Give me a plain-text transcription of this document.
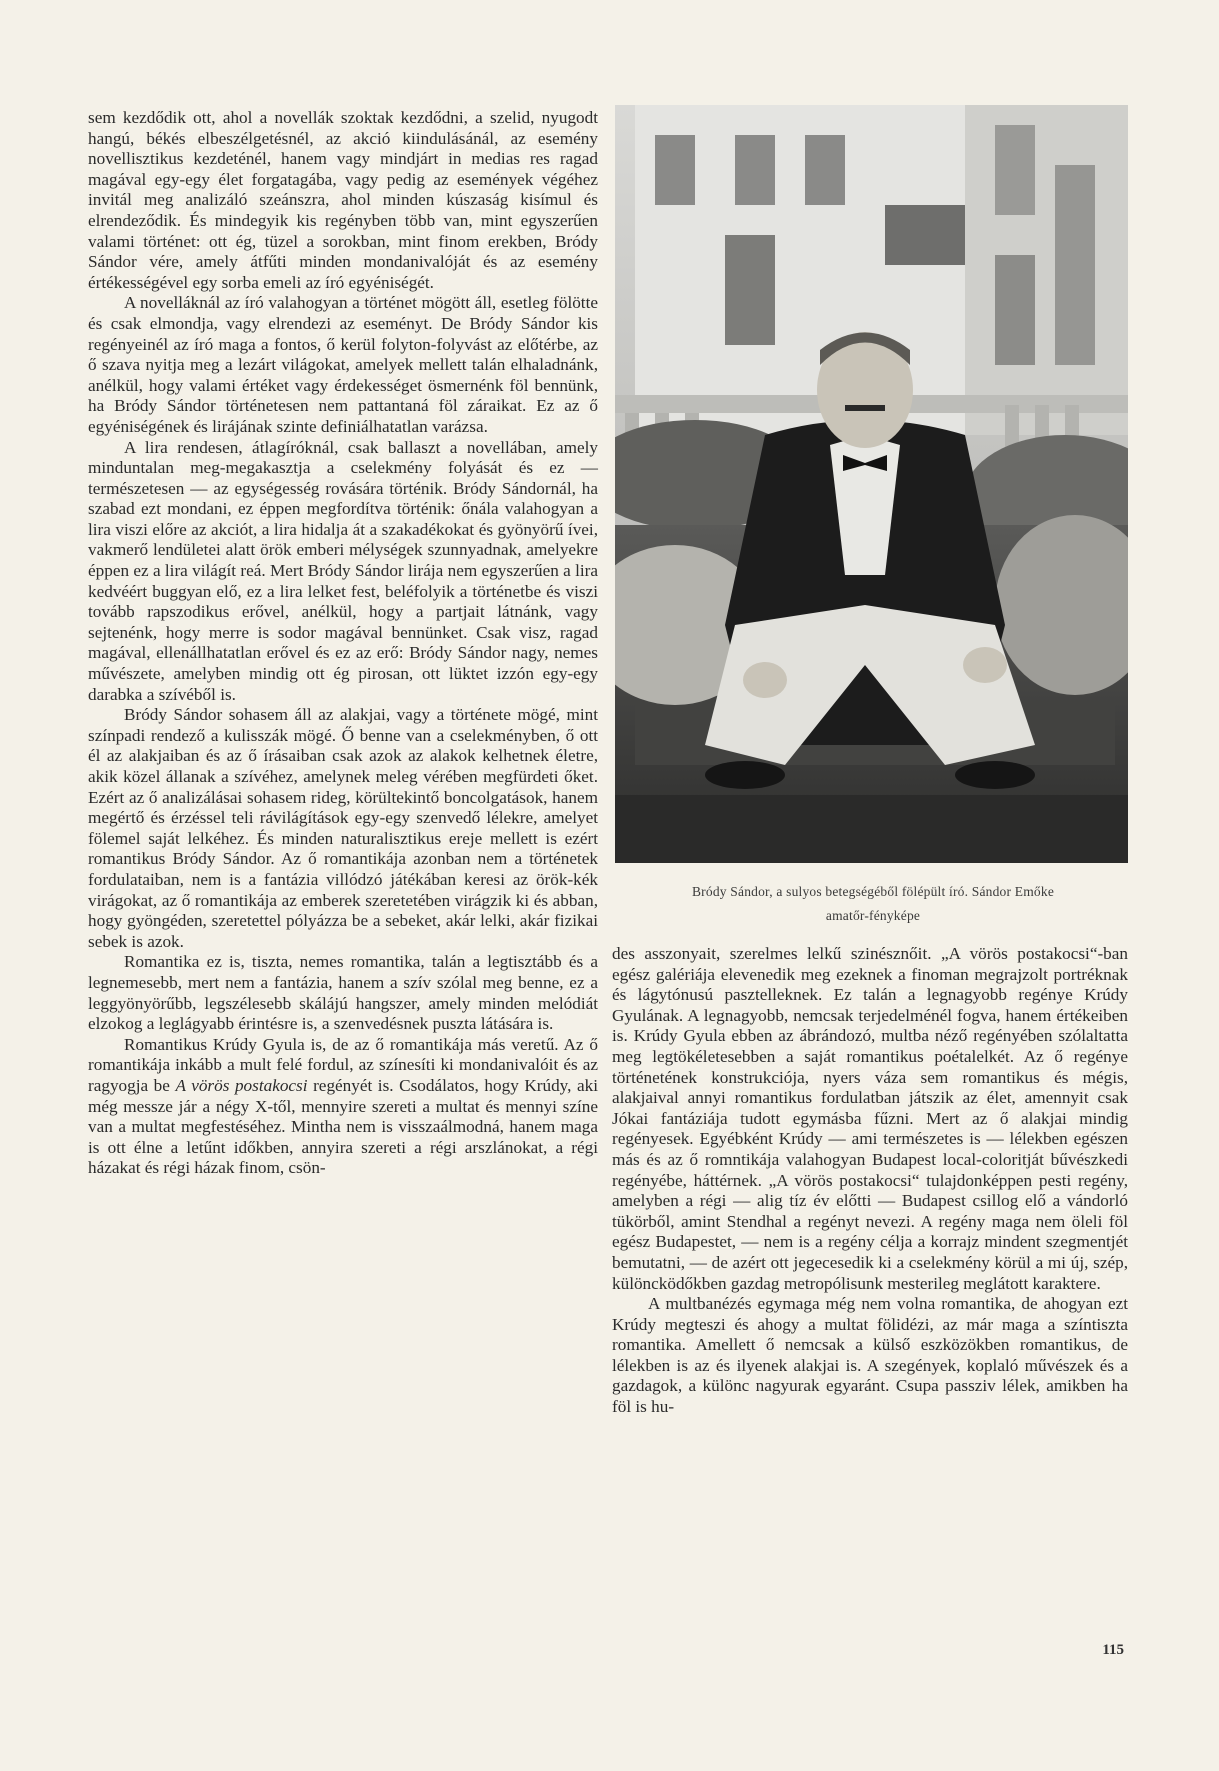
sem kezdődik ott, ahol a novellák szoktak kezdődni, a szelid, nyugodt hangú, békés elbeszélgetésnél, az akció kiindulásánál, az esemény novellisztikus kezdeténél, hanem vagy mindjárt in medias res ragad magával egy-egy élet forgatagába, vagy pedig az események végéhez invitál meg analizáló szeánszra, ahol minden kúszaság kisímul és elrendeződik. És mindegyik kis regényben több van, mint egyszerűen valami történet: ott ég, tüzel a sorokban, mint finom erekben, Bródy Sándor vére, amely átfűti minden mondanivalóját és az esemény értékességével egy sorba emeli az író egyéniségét.

A novelláknál az író valahogyan a történet mögött áll, esetleg fölötte és csak elmondja, vagy elrendezi az eseményt. De Bródy Sándor kis regényeinél az író maga a fontos, ő kerül folyton-folyvást az előtérbe, az ő szava nyitja meg a lezárt világokat, amelyek mellett talán elhaladnánk, anélkül, hogy valami értéket vagy érdekességet ösmernénk föl bennünk, ha Bródy Sándor történetesen nem pattantaná föl záraikat. Ez az ő egyéniségének és lirájának szinte definiálhatatlan varázsa.

A lira rendesen, átlagíróknál, csak ballaszt a novellában, amely minduntalan meg-megakasztja a cselekmény folyását és ez — természetesen — az egységesség rovására történik. Bródy Sándornál, ha szabad ezt mondani, ez éppen megfordítva történik: őnála valahogyan a lira viszi előre az akciót, a lira hidalja át a szakadékokat és gyönyörű ívei, vakmerő lendületei alatt örök emberi mélységek szunnyadnak, amelyekre éppen ez a lira világít reá. Mert Bródy Sándor lirája nem egyszerűen a lira kedvéért buggyan elő, ez a lira lelket fest, beléfolyik a történetbe és viszi tovább rapszodikus erővel, anélkül, hogy a partjait látnánk, vagy sejtenénk, hogy merre is sodor magával bennünket. Csak visz, ragad magával, ellenállhatatlan erővel és ez az erő: Bródy Sándor nagy, nemes művészete, amelyben mindig ott ég pirosan, ott lüktet izzón egy-egy darabka a szívéből is.

Bródy Sándor sohasem áll az alakjai, vagy a története mögé, mint színpadi rendező a kulisszák mögé. Ő benne van a cselekményben, ő ott él az alakjaiban és az ő írásaiban csak azok az alakok kelhetnek életre, akik közel állanak a szívéhez, amelynek meleg vérében megfürdeti őket. Ezért az ő analizálásai sohasem rideg, körültekintő boncolgatások, hanem megértő és érzéssel teli rávilágítások egy-egy szenvedő lélekre, amelyet fölemel saját lelkéhez. És minden naturalisztikus ereje mellett is ezért romantikus Bródy Sándor. Az ő romantikája azonban nem a történetek fordulataiban, nem is a fantázia villódzó játékában keresi az örök-kék virágokat, az ő romantikája az emberek szeretetében virágzik ki és abban, hogy gyöngéden, szeretettel pólyázza be a sebeket, akár lelki, akár fizikai sebek is azok.

Romantika ez is, tiszta, nemes romantika, talán a legtisztább és a legnemesebb, mert nem a fantázia, hanem a szív szólal meg benne, ez a leggyönyörűbb, legszélesebb skálájú hangszer, amely minden melódiát elzokog a leglágyabb érintésre is, a szenvedésnek puszta látására is.

Romantikus Krúdy Gyula is, de az ő romantikája más veretű. Az ő romantikája inkább a mult felé fordul, az színesíti ki mondanivalóit és az ragyogja be A vörös postakocsi regényét is. Csodálatos, hogy Krúdy, aki még messze jár a négy X-től, mennyire szereti a multat és mennyi színe van a multat megfestéséhez. Mintha nem is visszaálmodná, hanem maga is ott élne a letűnt időkben, annyira szereti a régi arszlánokat, a régi házakat és régi házak finom, csön-

Bródy Sándor, a sulyos betegségéből fölépült író. Sándor Emőke
amatőr-fényképe

des asszonyait, szerelmes lelkű szinésznőit. „A vörös postakocsi“-ban egész galériája elevenedik meg ezeknek a finoman megrajzolt portréknak és lágytónusú pasztelleknek. Ez talán a legnagyobb regénye Krúdy Gyulának. A legnagyobb, nemcsak terjedelménél fogva, hanem értékeiben is. Krúdy Gyula ebben az ábrándozó, multba néző regényében szólaltatta meg legtökéletesebben a saját romantikus poétalelkét. Az ő regénye történetének konstrukciója, nyers váza sem romantikus és mégis, alakjaival annyi romantikus fordulatban játszik az élet, amennyit csak Jókai fantáziája tudott egymásba fűzni. Mert az ő alakjai mindig regényesek. Egyébként Krúdy — ami természetes is — lélekben egészen más és az ő romntikája valahogyan Budapest local-coloritját bűvészkedi regényébe, háttérnek. „A vörös postakocsi“ tulajdonképpen pesti regény, amelyben a régi — alig tíz év előtti — Budapest csillog elő a vándorló tükörből, amint Stendhal a regényt nevezi. A regény maga nem öleli föl egész Budapestet, — nem is a regény célja a korrajz mindent szegmentjét bemutatni, — de azért ott jegecesedik ki a cselekmény körül a mi új, szép, különcködőkben gazdag metropólisunk mesterileg meglátott karaktere.

A multbanézés egymaga még nem volna romantika, de ahogyan ezt Krúdy megteszi és ahogy a multat fölidézi, az már maga a színtiszta romantika. Amellett ő nemcsak a külső eszközökben romantikus, de lélekben is az és ilyenek alakjai is. A szegények, koplaló művészek és a gazdagok, a különc nagyurak egyaránt. Csupa passziv lélek, amikben ha föl is hu-

115
